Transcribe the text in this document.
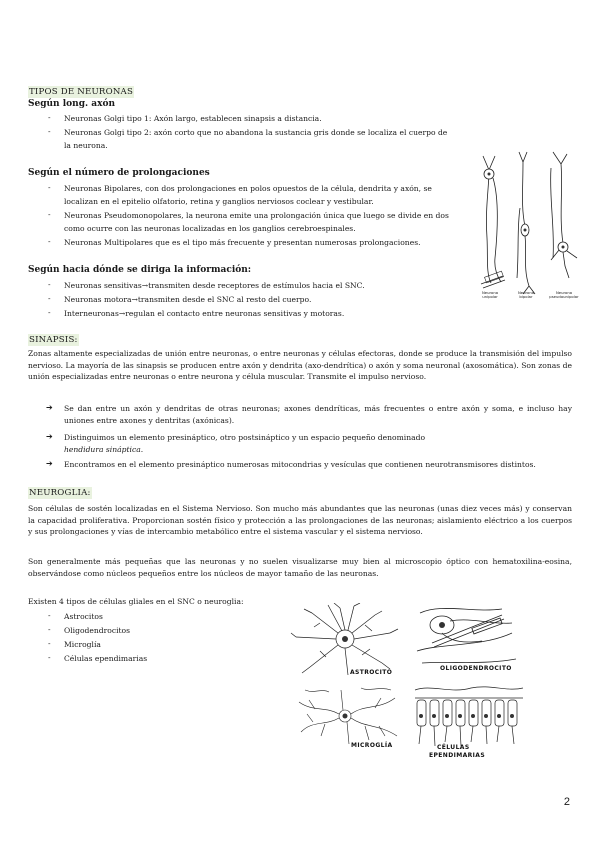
TIPOS DE NEURONAS
Según long. axón
- Neuronas Golgi tipo 1: Axón largo, establecen sinapsis a distancia.
- Neuronas Golgi tipo 2: axón corto que no abandona la sustancia gris donde se localiza el cuerpo de
la neurona.
Según el número de prolongaciones
- Neuronas Bipolares, con dos prolongaciones en polos opuestos de la célula, dendrita y axón, se
localizan en el epitelio olfatorio, retina y ganglios nerviosos coclear y vestibular.
- Neuronas Pseudomonopolares, la neurona emite una prolongación única que luego se divide en dos
como ocurre con las neuronas localizadas en los ganglios cerebroespinales.
- Neuronas Multipolares que es el tipo más frecuente y presentan numerosas prolongaciones.
Según hacia dónde se diriga la información:
- Neuronas sensitivas→transmiten desde receptores de estímulos hacia el SNC.
- Neuronas motora→transmiten desde el SNC al resto del cuerpo.
- Interneuronas→regulan el contacto entre neuronas sensitivas y motoras.
Neurona unipolar
Neurona bipolar
Neurona pseudounipolar
SINAPSIS:
Zonas altamente especializadas de unión entre neuronas, o entre neuronas y células efectoras, donde se produce la transmisión del impulso nervioso. La mayoría de las sinapsis se producen entre axón y dendrita (axo-dendrítica) o axón y soma neuronal (axosomática). Son zonas de unión especializadas entre neuronas o entre neurona y célula muscular. Transmite el impulso nervioso.
➔ Se dan entre un axón y dendritas de otras neuronas; axones dendríticas, más frecuentes o entre axón y soma, e incluso hay uniones entre axones y dentritas (axónicas).
➔ Distinguimos un elemento presináptico, otro postsináptico y un espacio pequeño denominado
hendidura sináptica.
➔ Encontramos en el elemento presináptico numerosas mitocondrias y vesículas que contienen neurotransmisores distintos.
NEUROGLIA:
Son células de sostén localizadas en el Sistema Nervioso. Son mucho más abundantes que las neuronas (unas diez veces más) y conservan la capacidad proliferativa. Proporcionan sostén físico y protección a las prolongaciones de las neuronas; aislamiento eléctrico a los cuerpos y sus prolongaciones y vías de intercambio metabólico entre el sistema vascular y el sistema nervioso.
Son generalmente más pequeñas que las neuronas y no suelen visualizarse muy bien al microscopio óptico con hematoxilina-eosina, observándose como núcleos pequeños entre los núcleos de mayor tamaño de las neuronas.
Existen 4 tipos de células gliales en el SNC o neuroglia:
- Astrocitos
- Oligodendrocitos
- Microglía
- Células ependimarias
ASTROCITO
OLIGODENDROCITO
MICROGLÍA	CÉLULAS
EPENDIMARIAS
2
